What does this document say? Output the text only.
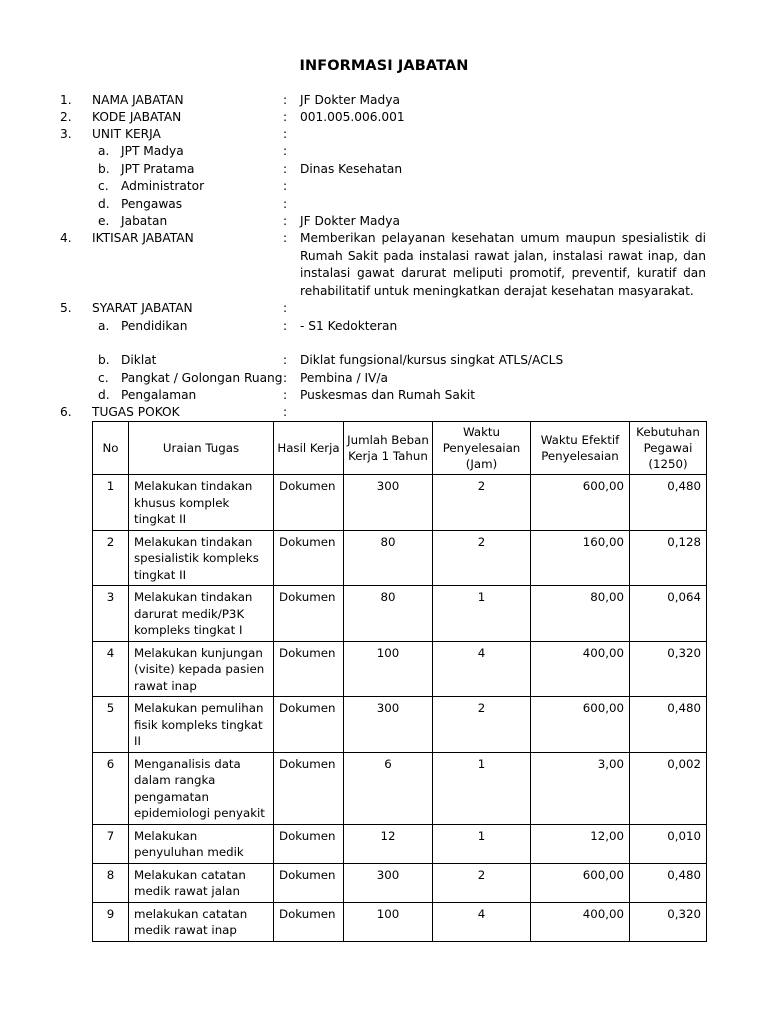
INFORMASI JABATAN
1. NAMA JABATAN	: JF Dokter Madya
2. KODE JABATAN	: 001.005.006.001
3. UNIT KERJA	:
a. JPT Madya	:
b. JPT Pratama	: Dinas Kesehatan
c. Administrator	:
d. Pengawas	:
e. Jabatan	: JF Dokter Madya
4. IKTISAR JABATAN	: Memberikan pelayanan kesehatan umum maupun spesialistik di Rumah Sakit pada instalasi rawat jalan, instalasi rawat inap, dan instalasi gawat darurat meliputi promotif, preventif, kuratif dan rehabilitatif untuk meningkatkan derajat kesehatan masyarakat.
5. SYARAT JABATAN	:
a. Pendidikan	: - S1 Kedokteran
b. Diklat	: Diklat fungsional/kursus singkat ATLS/ACLS
c. Pangkat / Golongan Ruang : Pembina / IV/a
d. Pengalaman	: Puskesmas dan Rumah Sakit
6. TUGAS POKOK	:
No	Uraian Tugas	Hasil Kerja	Jumlah Beban Kerja 1 Tahun	Waktu Penyelesaian (Jam)	Waktu Efektif Penyelesaian	Kebutuhan Pegawai (1250)
1	Melakukan tindakan khusus komplek tingkat II	Dokumen	300	2	600,00	0,480
2	Melakukan tindakan spesialistik kompleks tingkat II	Dokumen	80	2	160,00	0,128
3	Melakukan tindakan darurat medik/P3K kompleks tingkat I	Dokumen	80	1	80,00	0,064
4	Melakukan kunjungan (visite) kepada pasien rawat inap	Dokumen	100	4	400,00	0,320
5	Melakukan pemulihan fisik kompleks tingkat II	Dokumen	300	2	600,00	0,480
6	Menganalisis data dalam rangka pengamatan epidemiologi penyakit	Dokumen	6	1	3,00	0,002
7	Melakukan penyuluhan medik	Dokumen	12	1	12,00	0,010
8	Melakukan catatan medik rawat jalan	Dokumen	300	2	600,00	0,480
9	melakukan catatan medik rawat inap	Dokumen	100	4	400,00	0,320
